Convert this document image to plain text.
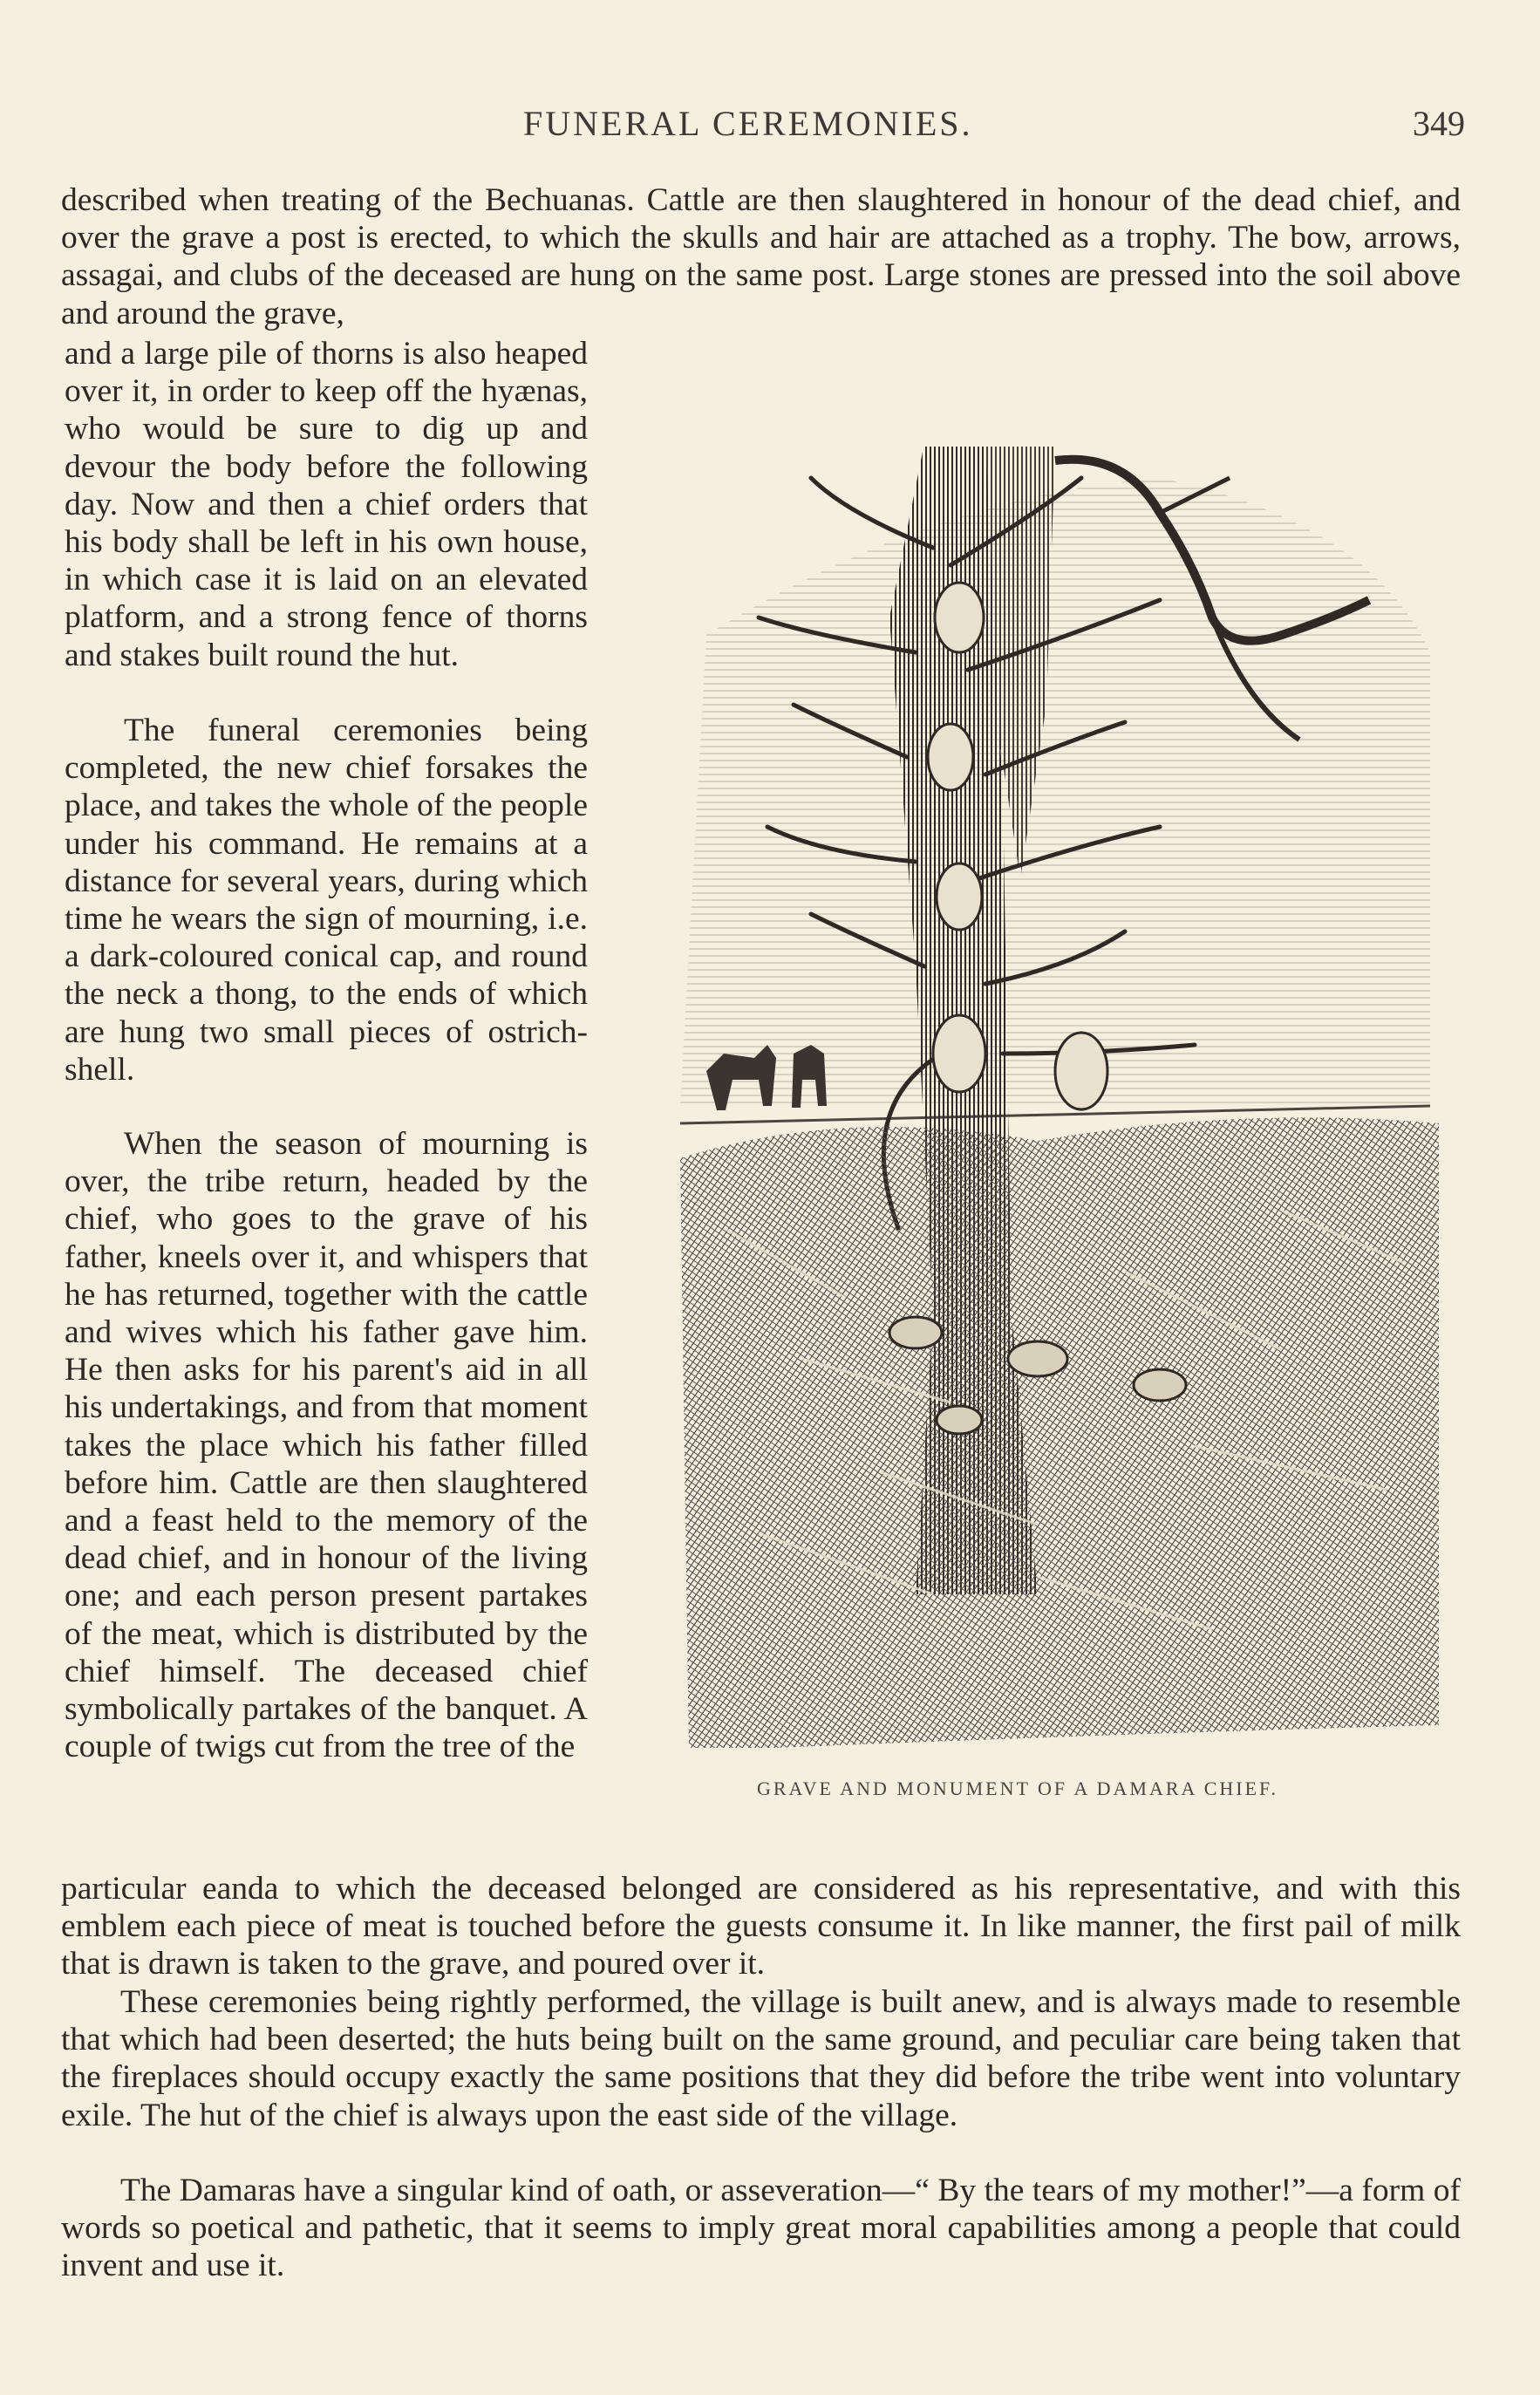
FUNERAL CEREMONIES.	349

described when treating of the Bechuanas. Cattle are then slaughtered in honour of the dead chief, and over the grave a post is erected, to which the skulls and hair are attached as a trophy. The bow, arrows, assagai, and clubs of the deceased are hung on the same post. Large stones are pressed into the soil above and around the grave,

and a large pile of thorns is also heaped over it, in order to keep off the hyænas, who would be sure to dig up and devour the body before the following day. Now and then a chief orders that his body shall be left in his own house, in which case it is laid on an elevated platform, and a strong fence of thorns and stakes built round the hut.

The funeral ceremonies being completed, the new chief forsakes the place, and takes the whole of the people under his command. He remains at a distance for several years, during which time he wears the sign of mourning, i.e. a dark-coloured conical cap, and round the neck a thong, to the ends of which are hung two small pieces of ostrich-shell.

When the season of mourning is over, the tribe return, headed by the chief, who goes to the grave of his father, kneels over it, and whispers that he has returned, together with the cattle and wives which his father gave him. He then asks for his parent's aid in all his undertakings, and from that moment takes the place which his father filled before him. Cattle are then slaughtered and a feast held to the memory of the dead chief, and in honour of the living one; and each person present partakes of the meat, which is distributed by the chief himself. The deceased chief symbolically partakes of the banquet. A couple of twigs cut from the tree of the

GRAVE AND MONUMENT OF A DAMARA CHIEF.

particular eanda to which the deceased belonged are considered as his representative, and with this emblem each piece of meat is touched before the guests consume it. In like manner, the first pail of milk that is drawn is taken to the grave, and poured over it.

These ceremonies being rightly performed, the village is built anew, and is always made to resemble that which had been deserted; the huts being built on the same ground, and peculiar care being taken that the fireplaces should occupy exactly the same positions that they did before the tribe went into voluntary exile. The hut of the chief is always upon the east side of the village.

The Damaras have a singular kind of oath, or asseveration—“ By the tears of my mother!”—a form of words so poetical and pathetic, that it seems to imply great moral capabilities among a people that could invent and use it.
